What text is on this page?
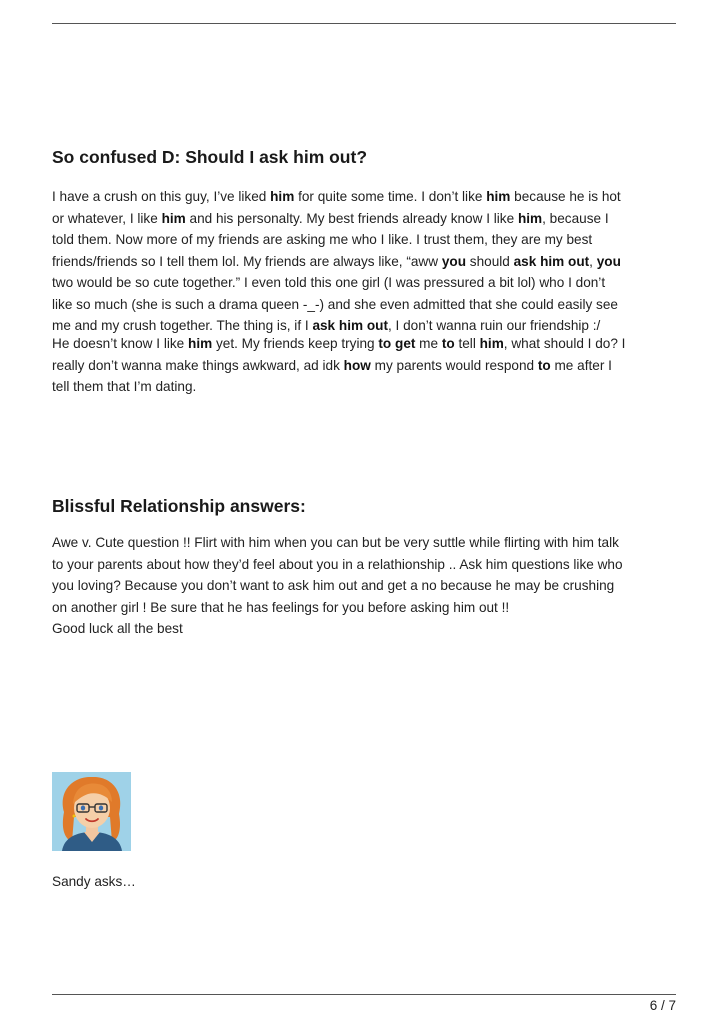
So confused D: Should I ask him out?
I have a crush on this guy, I’ve liked him for quite some time. I don’t like him because he is hot
or whatever, I like him and his personalty. My best friends already know I like him, because I
told them. Now more of my friends are asking me who I like. I trust them, they are my best
friends/friends so I tell them lol. My friends are always like, “aww you should ask him out, you
two would be so cute together.” I even told this one girl (I was pressured a bit lol) who I don’t
like so much (she is such a drama queen -_-) and she even admitted that she could easily see
me and my crush together. The thing is, if I ask him out, I don’t wanna ruin our friendship :/
He doesn’t know I like him yet. My friends keep trying to get me to tell him, what should I do? I
really don’t wanna make things awkward, ad idk how my parents would respond to me after I
tell them that I’m dating.
Blissful Relationship answers:
Awe v. Cute question !! Flirt with him when you can but be very suttle while flirting with him talk
to your parents about how they’d feel about you in a relathionship .. Ask him questions like who
you loving? Because you don’t want to ask him out and get a no because he may be crushing
on another girl ! Be sure that he has feelings for you before asking him out !!
Good luck all the best

Sandy asks…

6 / 7
